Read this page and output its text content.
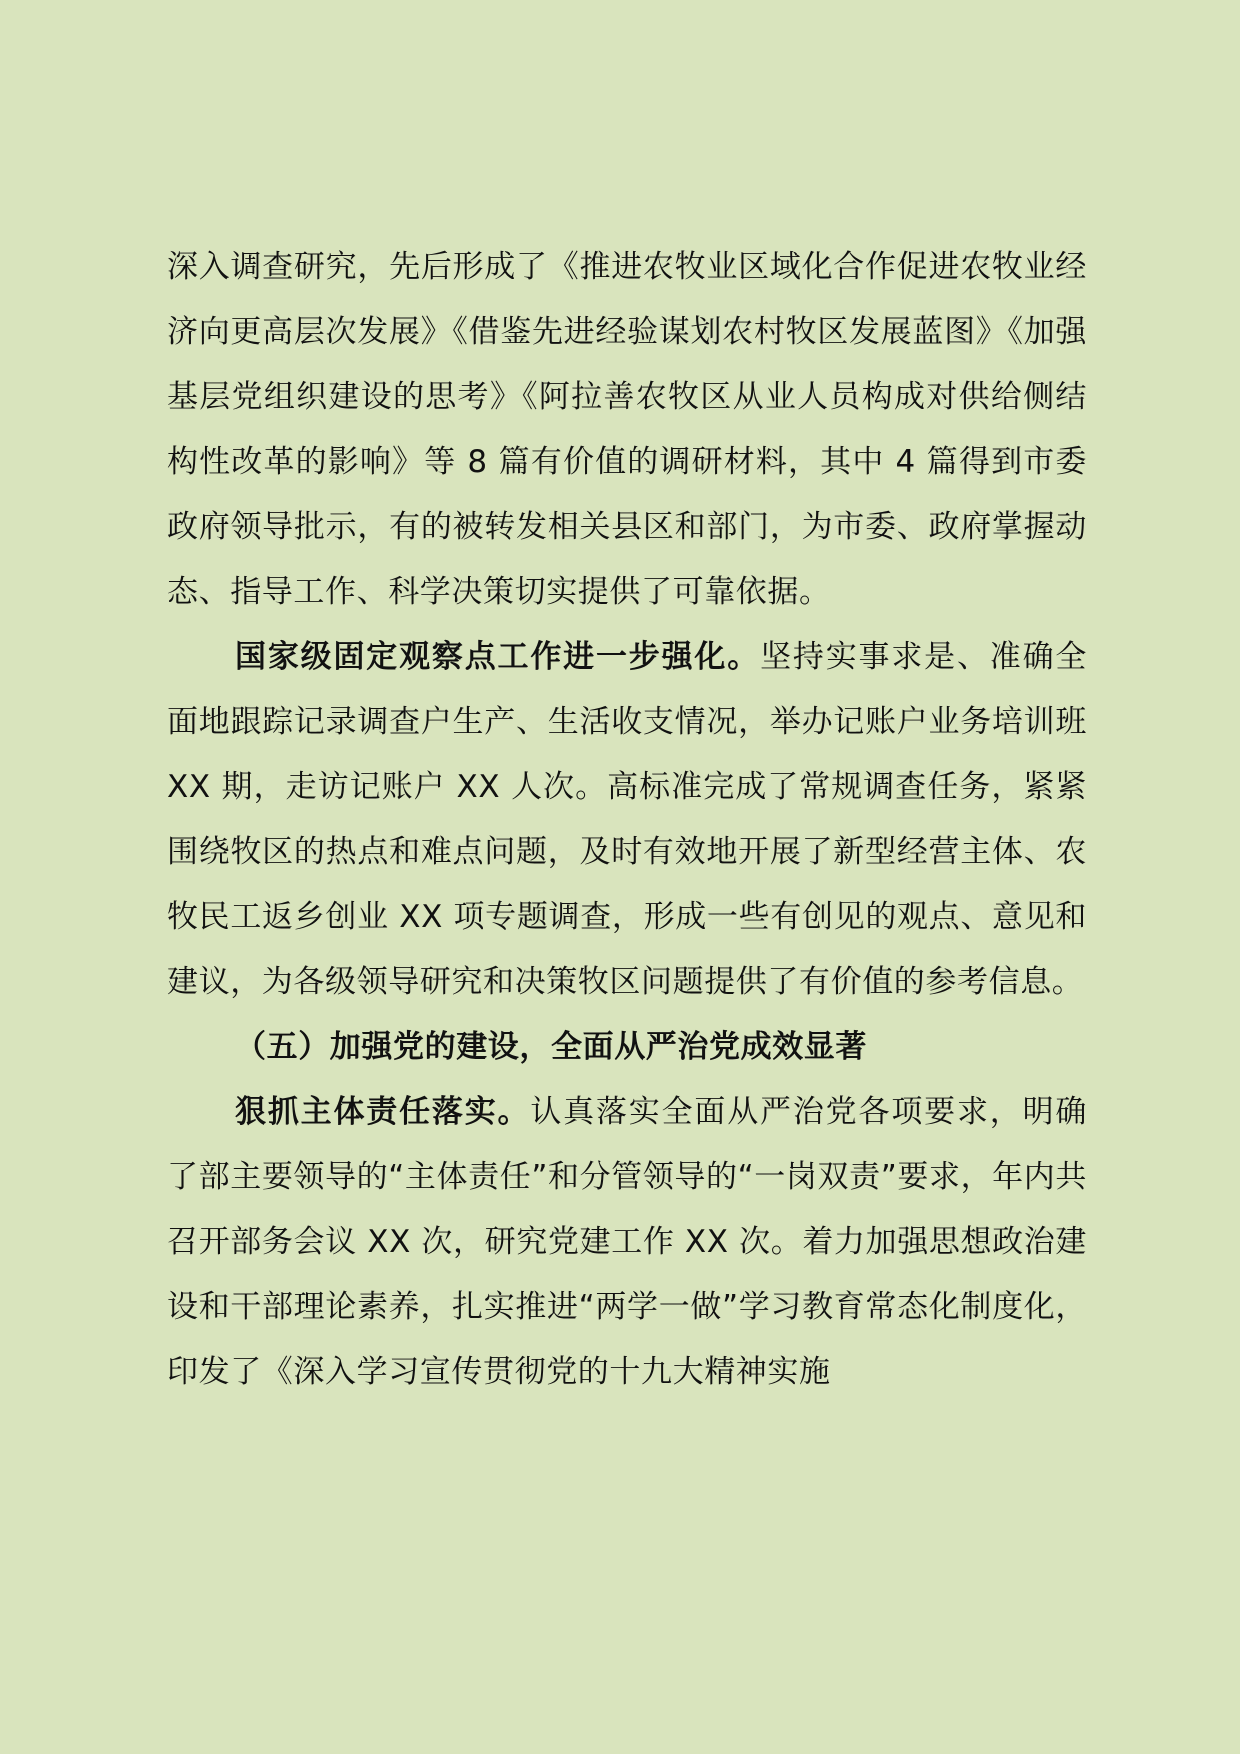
深入调查研究，先后形成了《推进农牧业区域化合作促进农牧业经济向更高层次发展》《借鉴先进经验谋划农村牧区发展蓝图》《加强基层党组织建设的思考》《阿拉善农牧区从业人员构成对供给侧结构性改革的影响》等 8 篇有价值的调研材料，其中 4 篇得到市委政府领导批示，有的被转发相关县区和部门，为市委、政府掌握动态、指导工作、科学决策切实提供了可靠依据。

国家级固定观察点工作进一步强化。坚持实事求是、准确全面地跟踪记录调查户生产、生活收支情况，举办记账户业务培训班 XX 期，走访记账户 XX 人次。高标准完成了常规调查任务，紧紧围绕牧区的热点和难点问题，及时有效地开展了新型经营主体、农牧民工返乡创业 XX 项专题调查，形成一些有创见的观点、意见和建议，为各级领导研究和决策牧区问题提供了有价值的参考信息。

（五）加强党的建设，全面从严治党成效显著

狠抓主体责任落实。认真落实全面从严治党各项要求，明确了部主要领导的“主体责任”和分管领导的“一岗双责”要求，年内共召开部务会议 XX 次，研究党建工作 XX 次。着力加强思想政治建设和干部理论素养，扎实推进“两学一做”学习教育常态化制度化，印发了《深入学习宣传贯彻党的十九大精神实施
